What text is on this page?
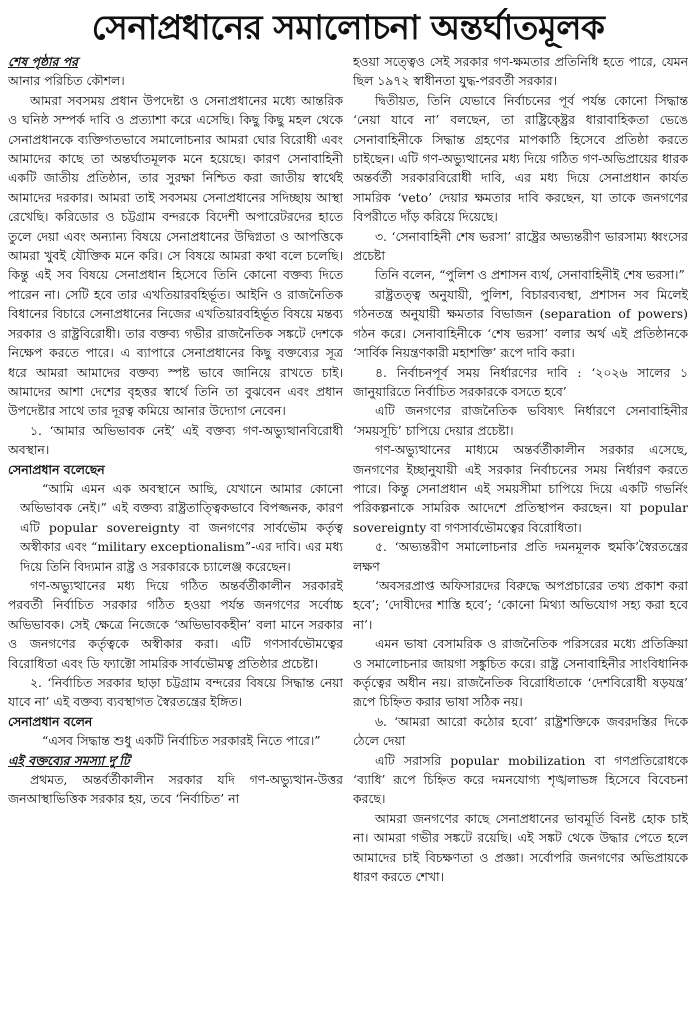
সেনাপ্রধানের সমালোচনা অন্তর্ঘাতমূলক

শেষ পৃষ্ঠার পর

আনার পরিচিত কৌশল।

আমরা সবসময় প্রধান উপদেষ্টা ও সেনাপ্রধানের মধ্যে আন্তরিক ও ঘনিষ্ঠ সম্পর্ক দাবি ও প্রত্যাশা করে এসেছি। কিছু কিছু মহল থেকে সেনাপ্রধানকে ব্যক্তিগতভাবে সমালোচনার আমরা ঘোর বিরোধী এবং আমাদের কাছে তা অন্তর্ঘাতমূলক মনে হয়েছে। কারণ সেনাবাহিনী একটি জাতীয় প্রতিষ্ঠান, তার সুরক্ষা নিশ্চিত করা জাতীয় স্বার্থেই আমাদের দরকার। আমরা তাই সবসময় সেনাপ্রধানের সদিচ্ছায় আস্থা রেখেছি। করিডোর ও চট্টগ্রাম বন্দরকে বিদেশী অপারেটরদের হাতে তুলে দেয়া এবং অন্যান্য বিষয়ে সেনাপ্রধানের উদ্বিগ্নতা ও আপত্তিকে আমরা খুবই যৌক্তিক মনে করি। সে বিষয়ে আমরা কথা বলে চলেছি। কিন্তু এই সব বিষয়ে সেনাপ্রধান হিসেবে তিনি কোনো বক্তব্য দিতে পারেন না। সেটি হবে তার এখতিয়ারবহির্ভূত। আইনি ও রাজনৈতিক বিধানের বিচারে সেনাপ্রধানের নিজের এখতিয়ারবহির্ভূত বিষয়ে মন্তব্য সরকার ও রাষ্ট্রবিরোধী। তার বক্তব্য গভীর রাজনৈতিক সঙ্কটে দেশকে নিক্ষেপ করতে পারে। এ ব্যাপারে সেনাপ্রধানের কিছু বক্তব্যের সূত্র ধরে আমরা আমাদের বক্তব্য স্পষ্ট ভাবে জানিয়ে রাখতে চাই। আমাদের আশা দেশের বৃহত্তর স্বার্থে তিনি তা বুঝবেন এবং প্রধান উপদেষ্টার সাথে তার দূরত্ব কমিয়ে আনার উদ্যোগ নেবেন।

১. ‘আমার অভিভাবক নেই’ এই বক্তব্য গণ-অভ্যুত্থানবিরোধী অবস্থান।

সেনাপ্রধান বলেছেন

“আমি এমন এক অবস্থানে আছি, যেখানে আমার কোনো অভিভাবক নেই।” এই বক্তব্য রাষ্ট্রতাত্ত্বিকভাবে বিপজ্জনক, কারণ এটি popular sovereignty বা জনগণের সার্বভৌম কর্তৃত্ব অস্বীকার এবং “military exceptionalism”-এর দাবি। এর মধ্য দিয়ে তিনি বিদ্যমান রাষ্ট্র ও সরকারকে চ্যালেঞ্জ করেছেন।

গণ-অভ্যুত্থানের মধ্য দিয়ে গঠিত অন্তর্বর্তীকালীন সরকারই পরবর্তী নির্বাচিত সরকার গঠিত হওয়া পর্যন্ত জনগণের সর্বোচ্চ অভিভাবক। সেই ক্ষেত্রে নিজেকে ‘অভিভাবকহীন’ বলা মানে সরকার ও জনগণের কর্তৃত্বকে অস্বীকার করা। এটি গণসার্বভৌমত্বের বিরোধিতা এবং ডি ফ্যাক্টো সামরিক সার্বভৌমত্ব প্রতিষ্ঠার প্রচেষ্টা।

২. ‘নির্বাচিত সরকার ছাড়া চট্টগ্রাম বন্দরের বিষয়ে সিদ্ধান্ত নেয়া যাবে না’ এই বক্তব্য ব্যবস্থাগত স্বৈরতন্ত্রের ইঙ্গিত।

সেনাপ্রধান বলেন

“এসব সিদ্ধান্ত শুধু একটি নির্বাচিত সরকারই নিতে পারে।”

এই বক্তব্যের সমস্যা দু’টি

প্রথমত, অন্তর্বর্তীকালীন সরকার যদি গণ-অভ্যুত্থান-উত্তর জনআস্থাভিত্তিক সরকার হয়, তবে ‘নির্বাচিত’ না

হওয়া সত্ত্বেও সেই সরকার গণ-ক্ষমতার প্রতিনিধি হতে পারে, যেমন ছিল ১৯৭২ স্বাধীনতা যুদ্ধ-পরবর্তী সরকার।

দ্বিতীয়ত, তিনি যেভাবে নির্বাচনের পূর্ব পর্যন্ত কোনো সিদ্ধান্ত ‘নেয়া যাবে না’ বলছেন, তা রাষ্ট্রিক্ষ্ট্রের ধারাবাহিকতা ভেঙে সেনাবাহিনীকে সিদ্ধান্ত গ্রহণের মাপকাঠি হিসেবে প্রতিষ্ঠা করতে চাইছেন। এটি গণ-অভ্যুত্থানের মধ্য দিয়ে গঠিত গণ-অভিপ্রায়ের ধারক অন্তর্বর্তী সরকারবিরোধী দাবি, এর মধ্য দিয়ে সেনাপ্রধান কার্যত সামরিক ‘veto’ দেয়ার ক্ষমতার দাবি করছেন, যা তাকে জনগণের বিপরীতে দাঁড় করিয়ে দিয়েছে।

৩. ‘সেনাবাহিনী শেষ ভরসা’ রাষ্ট্রের অভ্যন্তরীণ ভারসাম্য ধ্বংসের প্রচেষ্টা

তিনি বলেন, “পুলিশ ও প্রশাসন ব্যর্থ, সেনাবাহিনীই শেষ ভরসা।”

রাষ্ট্রতত্ত্ব অনুযায়ী, পুলিশ, বিচারব্যবস্থা, প্রশাসন সব মিলেই গঠনতন্ত্র অনুযায়ী ক্ষমতার বিভাজন (separation of powers) গঠন করে। সেনাবাহিনীকে ‘শেষ ভরসা’ বলার অর্থ এই প্রতিষ্ঠানকে ‘সার্বিক নিয়ন্ত্রণকারী মহাশক্তি’ রূপে দাবি করা।

৪. নির্বাচনপূর্ব সময় নির্ধারণের দাবি : ‘২০২৬ সালের ১ জানুয়ারিতে নির্বাচিত সরকারকে বসতে হবে’

এটি জনগণের রাজনৈতিক ভবিষ্যৎ নির্ধারণে সেনাবাহিনীর ‘সময়সূচি’ চাপিয়ে দেয়ার প্রচেষ্টা।

গণ-অভ্যুত্থানের মাধ্যমে অন্তর্বর্তীকালীন সরকার এসেছে, জনগণের ইচ্ছানুযায়ী এই সরকার নির্বাচনের সময় নির্ধারণ করতে পারে। কিন্তু সেনাপ্রধান এই সময়সীমা চাপিয়ে দিয়ে একটি গভর্নিং পরিকল্পনাকে সামরিক আদেশে প্রতিস্থাপন করছেন। যা popular sovereignty বা গণসার্বভৌমত্বের বিরোধিতা।

৫. ‘অভ্যন্তরীণ সমালোচনার প্রতি দমনমূলক হুমকি’স্বৈরতন্ত্রের লক্ষণ

‘অবসরপ্রাপ্ত অফিসারদের বিরুদ্ধে অপপ্রচারের তথ্য প্রকাশ করা হবে’; ‘দোষীদের শাস্তি হবে’; ‘কোনো মিথ্যা অভিযোগ সহ্য করা হবে না’।

এমন ভাষা বেসামরিক ও রাজনৈতিক পরিসরের মধ্যে প্রতিক্রিয়া ও সমালোচনার জায়গা সঙ্কুচিত করে। রাষ্ট্র সেনাবাহিনীর সাংবিধানিক কর্তৃত্বের অধীন নয়। রাজনৈতিক বিরোধিতাকে ‘দেশবিরোধী ষড়যন্ত্র’ রূপে চিহ্নিত করার ভাষা সঠিক নয়।

৬. ‘আমরা আরো কঠোর হবো’ রাষ্ট্রশক্তিকে জবরদস্তির দিকে ঠেলে দেয়া

এটি সরাসরি popular mobilization বা গণপ্রতিরোধকে ‘ব্যাধি’ রূপে চিহ্নিত করে দমনযোগ্য শৃঙ্খলাভঙ্গ হিসেবে বিবেচনা করছে।

আমরা জনগণের কাছে সেনাপ্রধানের ভাবমূর্তি বিনষ্ট হোক চাই না। আমরা গভীর সঙ্কটে রয়েছি। এই সঙ্কট থেকে উদ্ধার পেতে হলে আমাদের চাই বিচক্ষণতা ও প্রজ্ঞা। সর্বোপরি জনগণের অভিপ্রায়কে ধারণ করতে শেখা।
